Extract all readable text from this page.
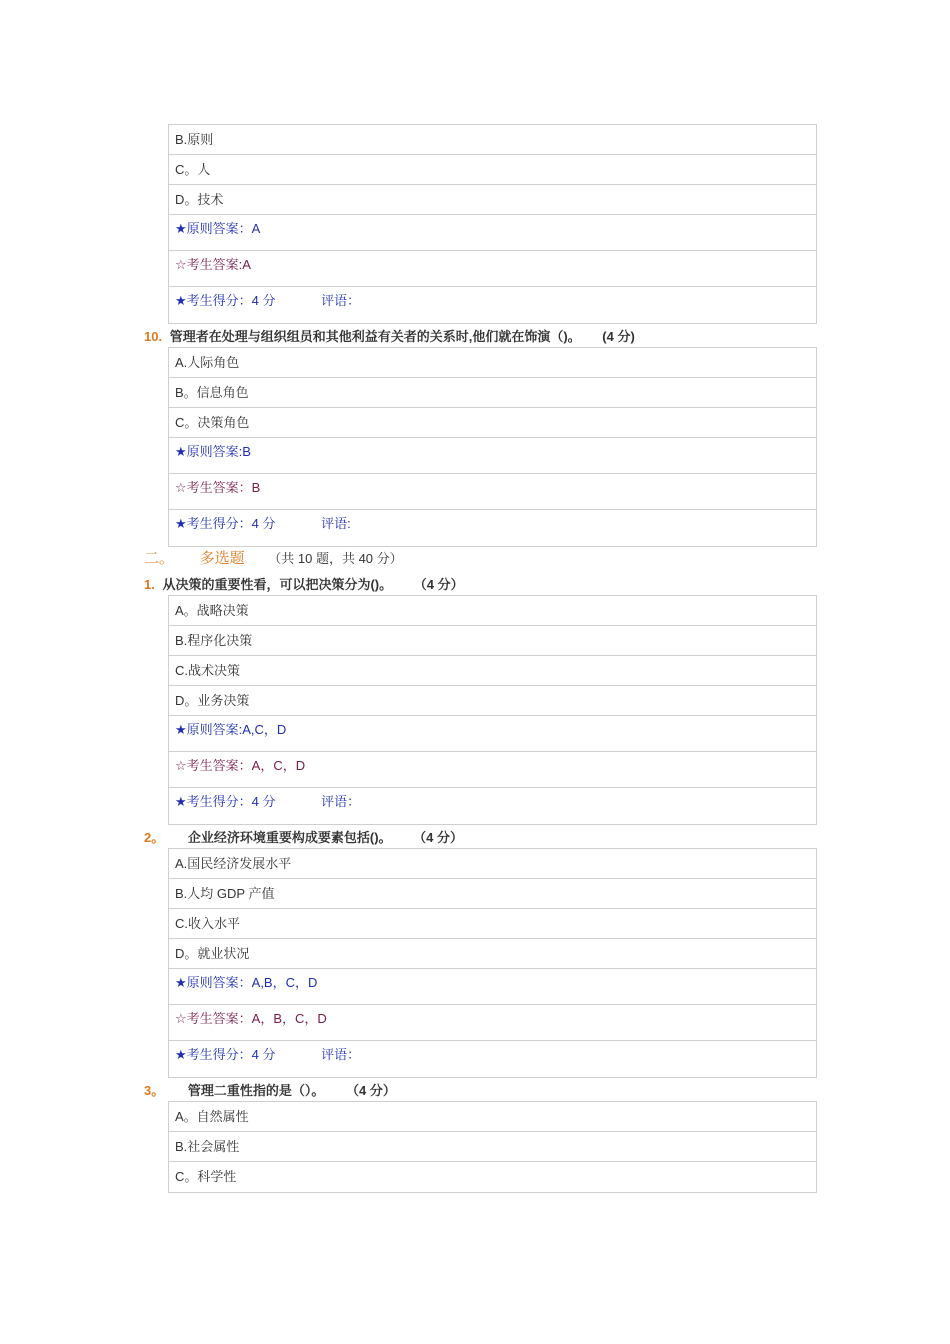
B.原则
C。人
D。技术
★原则答案：A
☆考生答案:A
★考生得分：4 分	评语：
10. 管理者在处理与组织组员和其他利益有关者的关系时,他们就在饰演（)。 (4 分)
A.人际角色
B。信息角色
C。决策角色
★原则答案:B
☆考生答案：B
★考生得分：4 分	评语:
二。 多选题 （共 10 题，共 40 分）
1. 从决策的重要性看，可以把决策分为()。 （4 分）
A。战略决策
B.程序化决策
C.战术决策
D。业务决策
★原则答案:A,C，D
☆考生答案：A，C，D
★考生得分：4 分	评语：
2。 企业经济环境重要构成要素包括()。 （4 分）
A.国民经济发展水平
B.人均 GDP 产值
C.收入水平
D。就业状况
★原则答案：A,B，C，D
☆考生答案：A，B，C，D
★考生得分：4 分	评语：
3。 管理二重性指的是（）。 （4 分）
A。自然属性
B.社会属性
C。科学性
